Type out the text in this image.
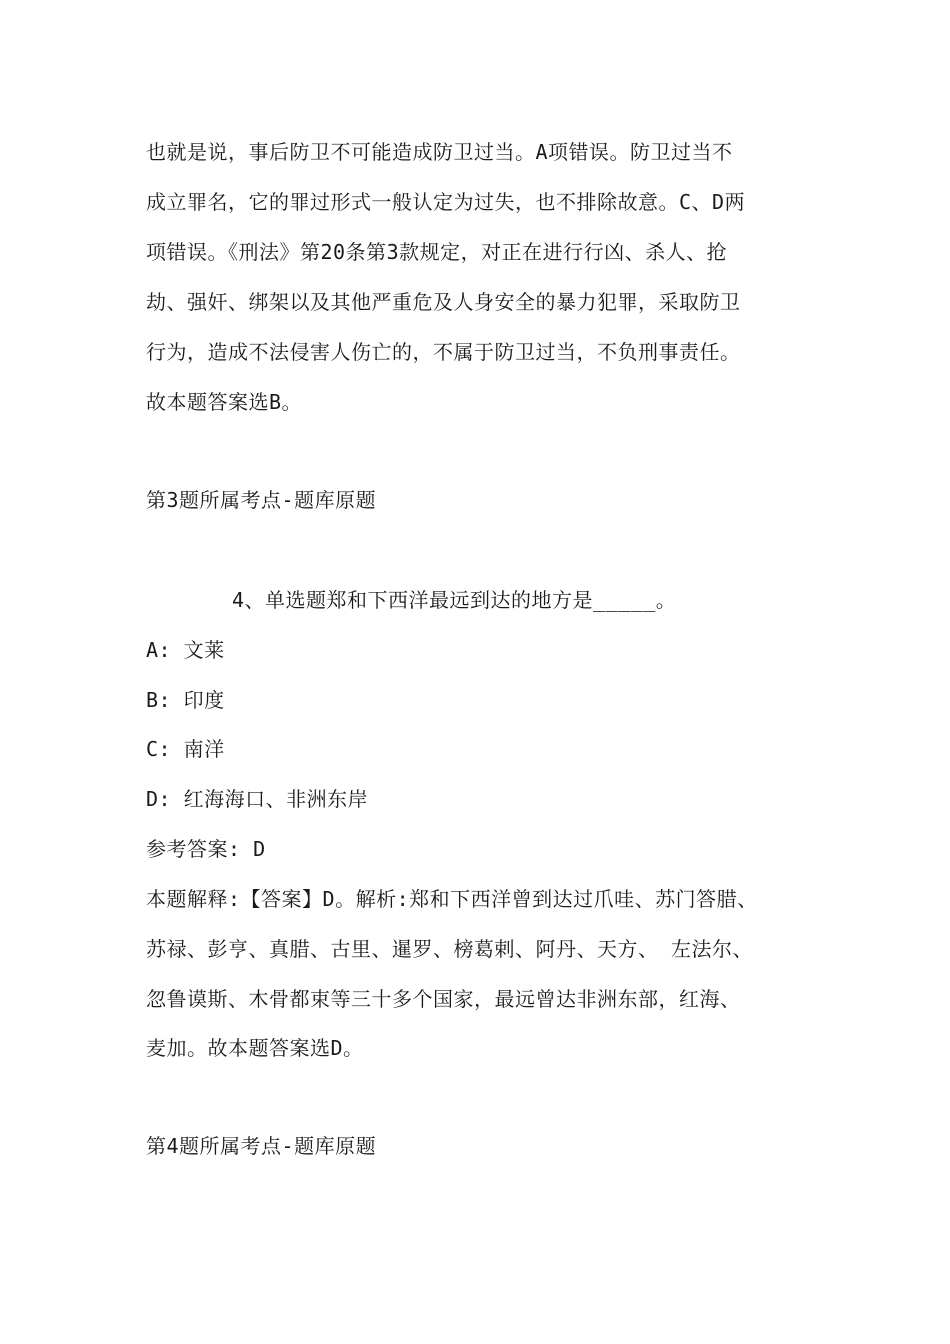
也就是说，事后防卫不可能造成防卫过当。A项错误。防卫过当不
成立罪名，它的罪过形式一般认定为过失，也不排除故意。C、D两
项错误。《刑法》第20条第3款规定，对正在进行行凶、杀人、抢
劫、强奸、绑架以及其他严重危及人身安全的暴力犯罪，采取防卫
行为，造成不法侵害人伤亡的，不属于防卫过当，不负刑事责任。
故本题答案选B。
第3题所属考点-题库原题
4、单选题郑和下西洋最远到达的地方是_____。
A: 文莱
B: 印度
C: 南洋
D: 红海海口、非洲东岸
参考答案: D
本题解释:【答案】D。解析:郑和下西洋曾到达过爪哇、苏门答腊、
苏禄、彭亨、真腊、古里、暹罗、榜葛剌、阿丹、天方、 左法尔、
忽鲁谟斯、木骨都束等三十多个国家，最远曾达非洲东部，红海、
麦加。故本题答案选D。
第4题所属考点-题库原题
